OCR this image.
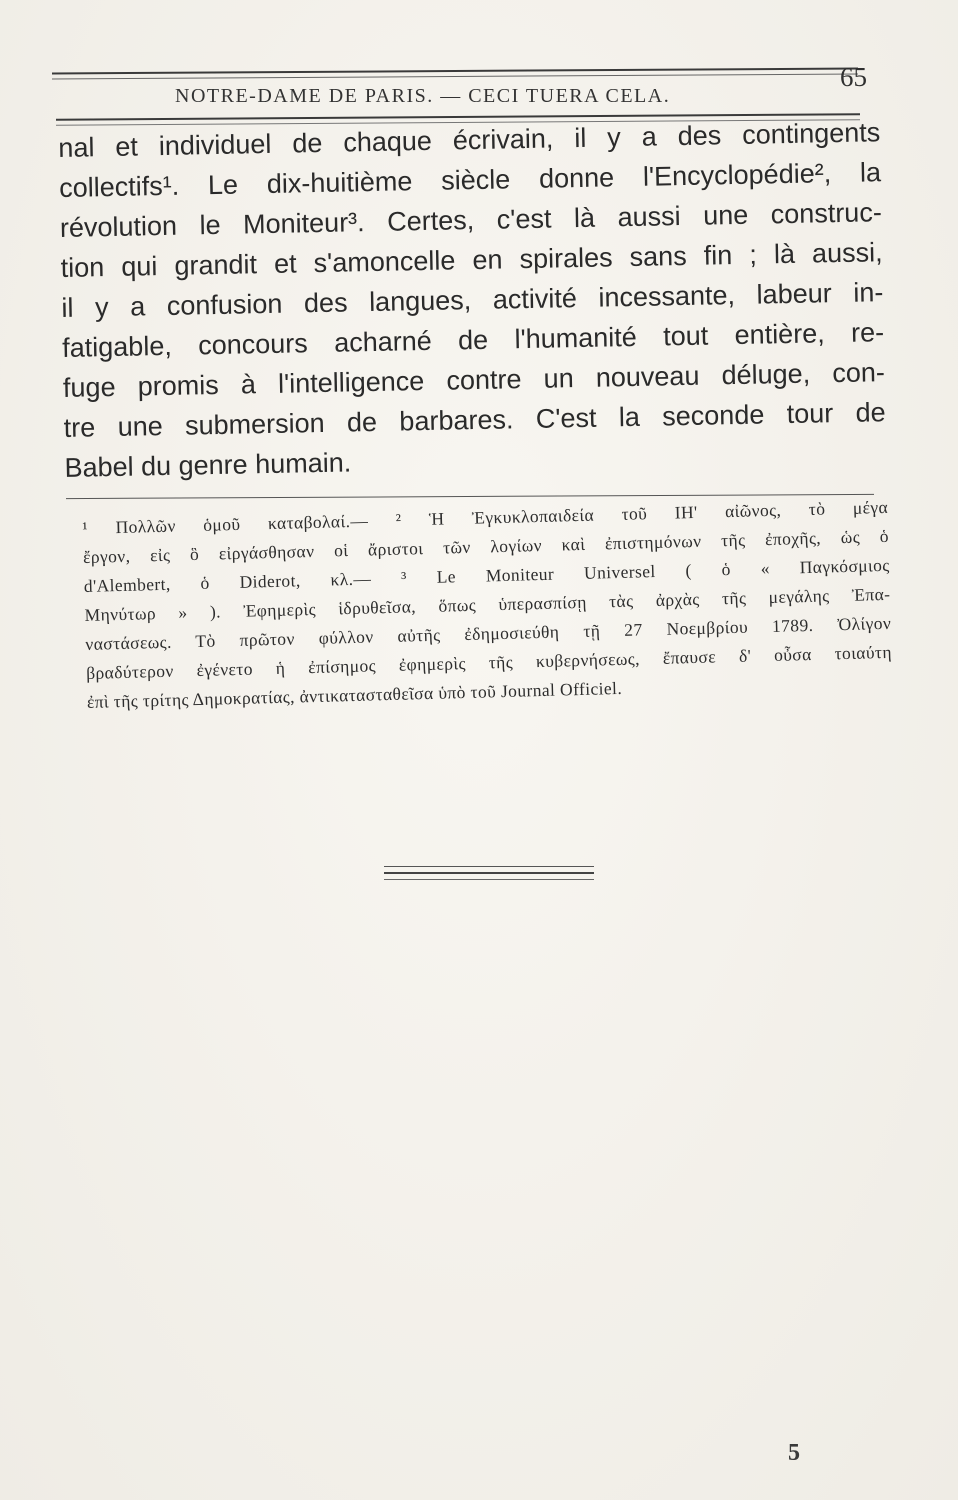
NOTRE-DAME DE PARIS. — CECI TUERA CELA.
65
nal et individuel de chaque écrivain, il y a des contingents
collectifs¹. Le dix-huitième siècle donne l'Encyclopédie², la
révolution le Moniteur³. Certes, c'est là aussi une construc-
tion qui grandit et s'amoncelle en spirales sans fin ; là aussi,
il y a confusion des langues, activité incessante, labeur in-
fatigable, concours acharné de l'humanité tout entière, re-
fuge promis à l'intelligence contre un nouveau déluge, con-
tre une submersion de barbares. C'est la seconde tour de
Babel du genre humain.
¹ Πολλῶν ὁμοῦ καταβολαί.— ² Ἡ Ἐγκυκλοπαιδεία τοῦ ΙΗ' αἰῶνος, τὸ μέγα
ἔργον, εἰς ὃ εἰργάσθησαν οἱ ἄριστοι τῶν λογίων καὶ ἐπιστημόνων τῆς ἐποχῆς, ὡς ὁ
d'Alembert, ὁ Diderot, κλ.— ³ Le Moniteur Universel ( ὁ « Παγκόσμιος
Μηνύτωρ » ). Ἐφημερὶς ἱδρυθεῖσα, ὅπως ὑπερασπίσῃ τὰς ἀρχὰς τῆς μεγάλης Ἐπα-
ναστάσεως. Τὸ πρῶτον φύλλον αὐτῆς ἐδημοσιεύθη τῇ 27 Νοεμβρίου 1789. Ὀλίγον
βραδύτερον ἐγένετο ἡ ἐπίσημος ἐφημερὶς τῆς κυβερνήσεως, ἔπαυσε δ' οὖσα τοιαύτη
ἐπὶ τῆς τρίτης Δημοκρατίας, ἀντικατασταθεῖσα ὑπὸ τοῦ Journal Officiel.
5
